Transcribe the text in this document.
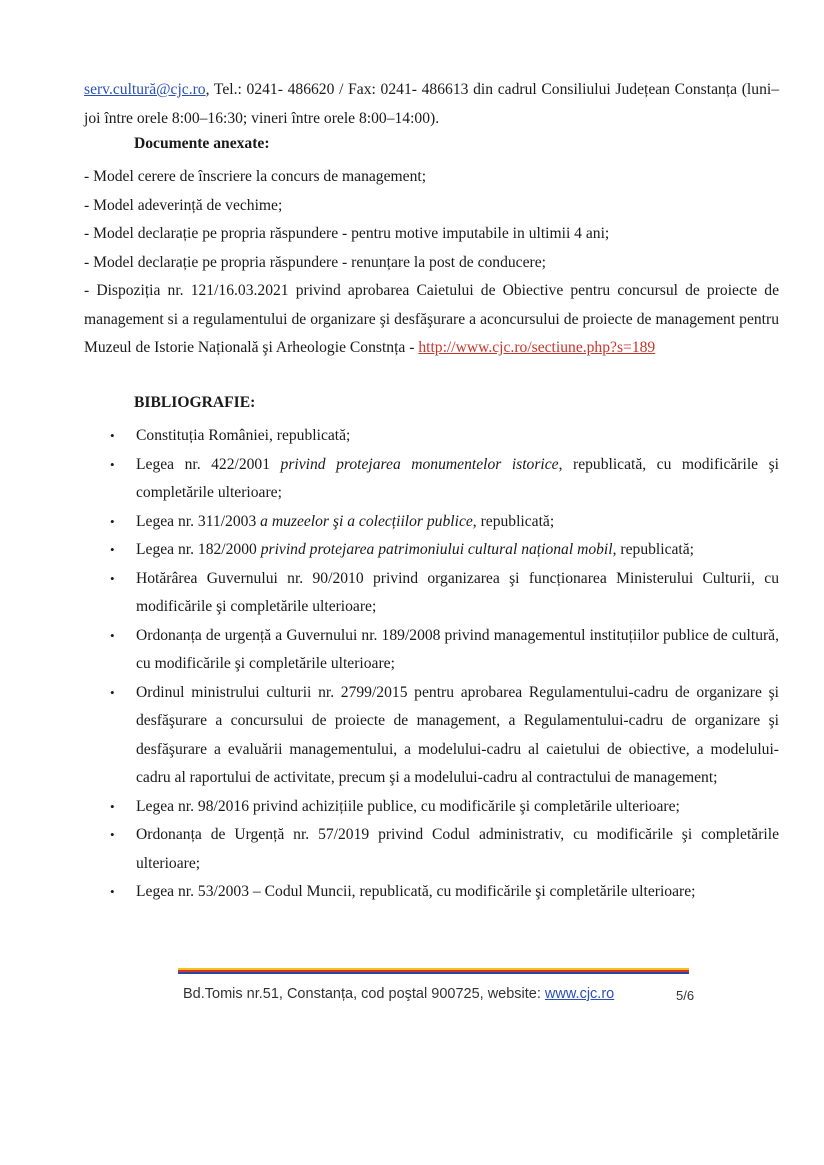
serv.cultură@cjc.ro, Tel.: 0241- 486620 / Fax: 0241- 486613 din cadrul Consiliului Județean Constanța (luni–joi între orele 8:00–16:30; vineri între orele 8:00–14:00).
Documente anexate:
- Model cerere de înscriere la concurs de management;
- Model adeverință de vechime;
- Model declarație pe propria răspundere - pentru motive imputabile in ultimii 4 ani;
- Model declarație pe propria răspundere - renunțare la post de conducere;
- Dispoziția nr. 121/16.03.2021 privind aprobarea Caietului de Obiective pentru concursul de proiecte de management si a regulamentului de organizare şi desfăşurare a aconcursului de proiecte de management pentru Muzeul de Istorie Națională şi Arheologie Constnța - http://www.cjc.ro/sectiune.php?s=189
BIBLIOGRAFIE:
• Constituția României, republicată;
• Legea nr. 422/2001 privind protejarea monumentelor istorice, republicată, cu modificările şi completările ulterioare;
• Legea nr. 311/2003 a muzeelor şi a colecțiilor publice, republicată;
• Legea nr. 182/2000 privind protejarea patrimoniului cultural național mobil, republicată;
• Hotărârea Guvernului nr. 90/2010 privind organizarea şi funcționarea Ministerului Culturii, cu modificările şi completările ulterioare;
• Ordonanța de urgență a Guvernului nr. 189/2008 privind managementul instituțiilor publice de cultură, cu modificările şi completările ulterioare;
• Ordinul ministrului culturii nr. 2799/2015 pentru aprobarea Regulamentului-cadru de organizare şi desfăşurare a concursului de proiecte de management, a Regulamentului-cadru de organizare şi desfăşurare a evaluării managementului, a modelului-cadru al caietului de obiective, a modelului-cadru al raportului de activitate, precum şi a modelului-cadru al contractului de management;
• Legea nr. 98/2016 privind achizițiile publice, cu modificările şi completările ulterioare;
• Ordonanța de Urgență nr. 57/2019 privind Codul administrativ, cu modificările şi completările ulterioare;
• Legea nr. 53/2003 – Codul Muncii, republicată, cu modificările şi completările ulterioare;
Bd.Tomis nr.51, Constanța, cod poştal 900725, website: www.cjc.ro	5/6
